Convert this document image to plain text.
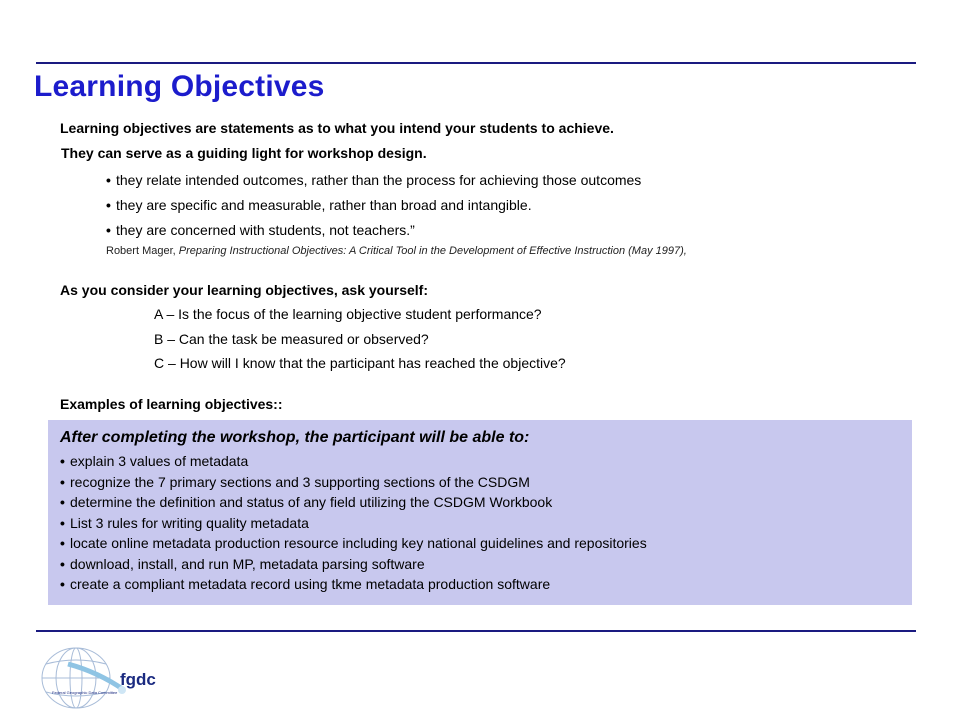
Learning Objectives

Learning objectives are statements as to what you intend your students to achieve.

They can serve as a guiding light for workshop design.

• they relate intended outcomes, rather than the process for achieving those outcomes
• they are specific and measurable, rather than broad and intangible.
• they are concerned with students, not teachers.”
Robert Mager, Preparing Instructional Objectives: A Critical Tool in the Development of Effective Instruction (May 1997),
As you consider your learning objectives, ask yourself:
A – Is the focus of the learning objective student performance?
B – Can the task be measured or observed?
C – How will I know that the participant has reached the objective?
Examples of learning objectives::
After completing the workshop, the participant will be able to:
• explain 3 values of metadata
• recognize the 7 primary sections and 3 supporting sections of the CSDGM
• determine the definition and status of any field utilizing the CSDGM Workbook
• List 3 rules for writing quality metadata
• locate online metadata production resource including key national guidelines and repositories
• download, install, and run MP, metadata parsing software
• create a compliant metadata record using tkme metadata production software
fgdc
Federal Geographic Data Committee
